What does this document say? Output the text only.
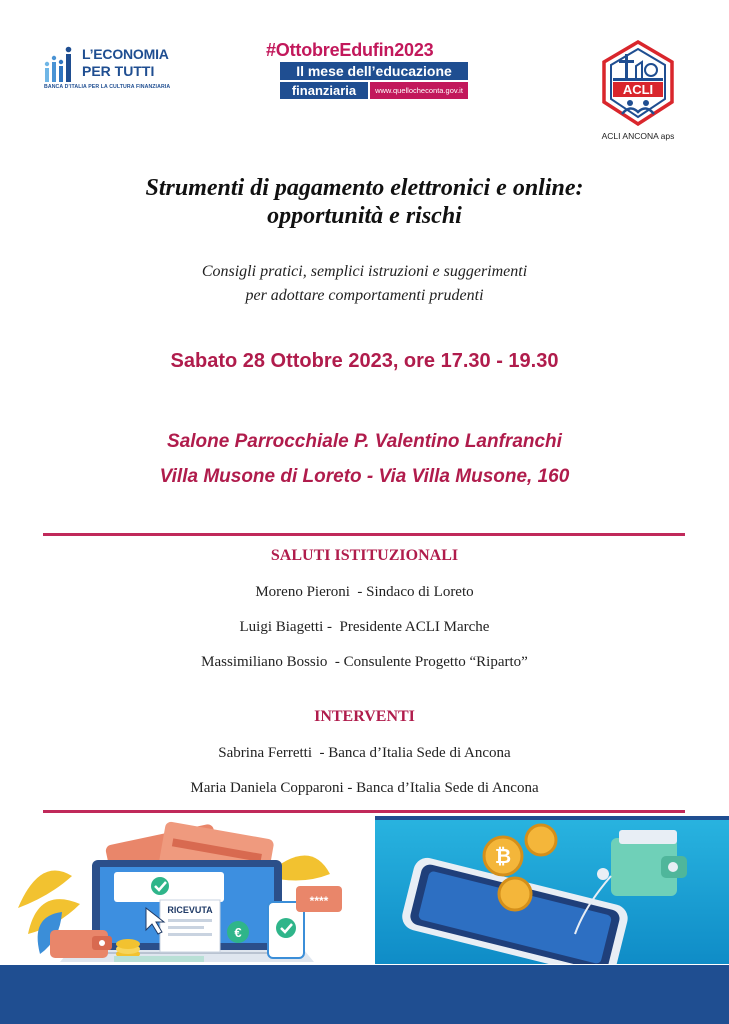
L’ECONOMIA
PER TUTTI
BANCA D’ITALIA PER LA CULTURA FINANZIARIA
#OttobreEdufin2023
Il mese dell’educazione
finanziaria	www.quellocheconta.gov.it	ACLI
ACLI ANCONA aps
Strumenti di pagamento elettronici e online:
opportunità e rischi
Consigli pratici, semplici istruzioni e suggerimenti
per adottare comportamenti prudenti
Sabato 28 Ottobre 2023, ore 17.30 - 19.30
Salone Parrocchiale P. Valentino Lanfranchi
Villa Musone di Loreto - Via Villa Musone, 160
SALUTI ISTITUZIONALI
Moreno Pieroni  - Sindaco di Loreto
Luigi Biagetti -  Presidente ACLI Marche
Massimiliano Bossio  - Consulente Progetto “Riparto”
INTERVENTI
Sabrina Ferretti  - Banca d’Italia Sede di Ancona
Maria Daniela Copparoni - Banca d’Italia Sede di Ancona
RICEVUTA
€
****
₿
